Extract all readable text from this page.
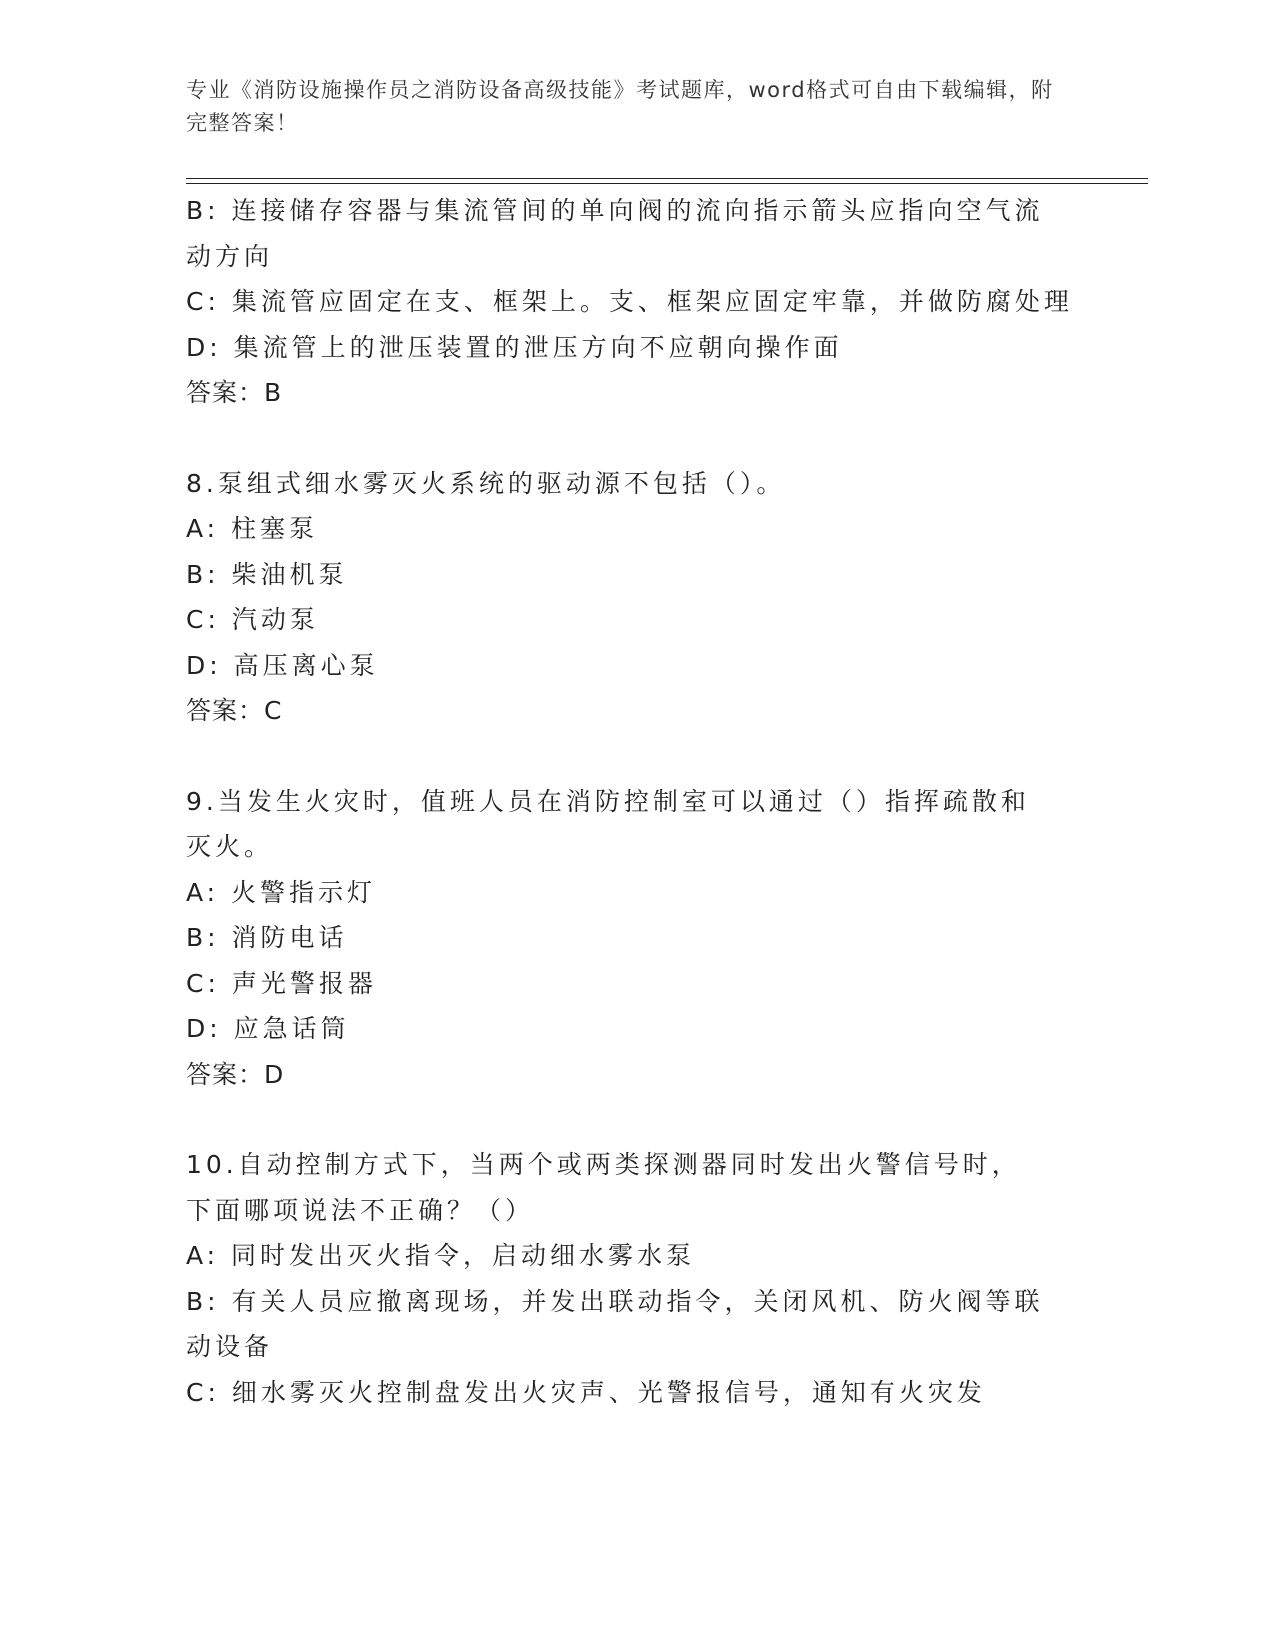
专业《消防设施操作员之消防设备高级技能》考试题库，word格式可自由下载编辑，附完整答案！
B: 连接储存容器与集流管间的单向阀的流向指示箭头应指向空气流动方向
C: 集流管应固定在支、框架上。支、框架应固定牢靠，并做防腐处理
D: 集流管上的泄压装置的泄压方向不应朝向操作面
答案：B
8.泵组式细水雾灭火系统的驱动源不包括（）。
A: 柱塞泵
B: 柴油机泵
C: 汽动泵
D: 高压离心泵
答案：C
9.当发生火灾时，值班人员在消防控制室可以通过（）指挥疏散和灭火。
A: 火警指示灯
B: 消防电话
C: 声光警报器
D: 应急话筒
答案：D
10.自动控制方式下，当两个或两类探测器同时发出火警信号时，下面哪项说法不正确？（）
A: 同时发出灭火指令，启动细水雾水泵
B: 有关人员应撤离现场，并发出联动指令，关闭风机、防火阀等联动设备
C: 细水雾灭火控制盘发出火灾声、光警报信号，通知有火灾发
